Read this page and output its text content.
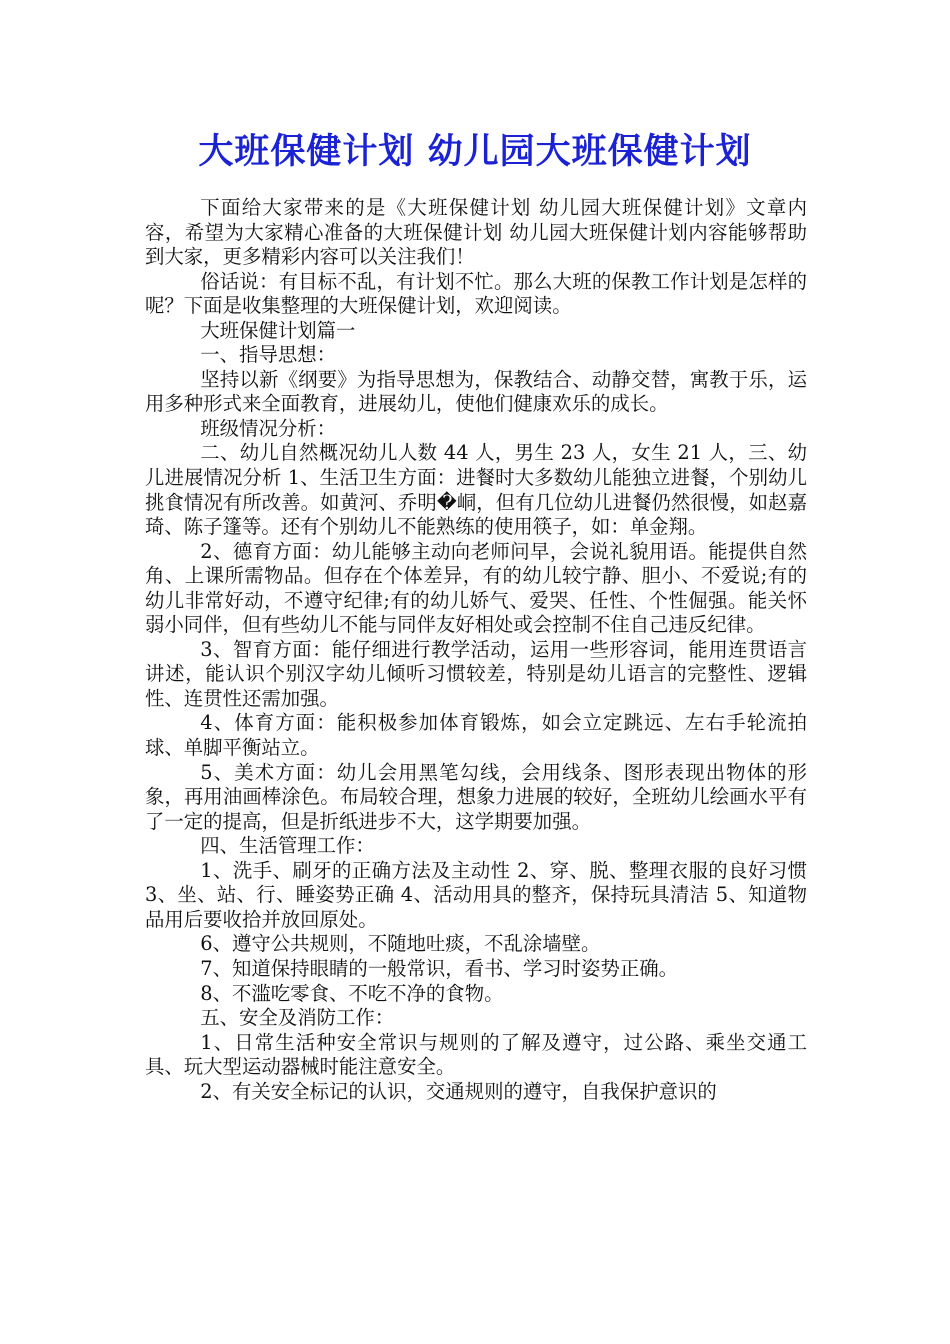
大班保健计划 幼儿园大班保健计划

下面给大家带来的是《大班保健计划 幼儿园大班保健计划》文章内容，希望为大家精心准备的大班保健计划 幼儿园大班保健计划内容能够帮助到大家，更多精彩内容可以关注我们！

俗话说：有目标不乱，有计划不忙。那么大班的保教工作计划是怎样的呢？下面是收集整理的大班保健计划，欢迎阅读。

大班保健计划篇一

一、指导思想：

坚持以新《纲要》为指导思想为，保教结合、动静交替，寓教于乐，运用多种形式来全面教育，进展幼儿，使他们健康欢乐的成长。

班级情况分析：

二、幼儿自然概况幼儿人数 44 人，男生 23 人，女生 21 人，三、幼儿进展情况分析 1、生活卫生方面：进餐时大多数幼儿能独立进餐，个别幼儿挑食情况有所改善。如黄河、乔明�峒，但有几位幼儿进餐仍然很慢，如赵嘉琦、陈子篷等。还有个别幼儿不能熟练的使用筷子，如：单金翔。

2、德育方面：幼儿能够主动向老师问早，会说礼貌用语。能提供自然角、上课所需物品。但存在个体差异，有的幼儿较宁静、胆小、不爱说;有的幼儿非常好动，不遵守纪律;有的幼儿娇气、爱哭、任性、个性倔强。能关怀弱小同伴，但有些幼儿不能与同伴友好相处或会控制不住自己违反纪律。

3、智育方面：能仔细进行教学活动，运用一些形容词，能用连贯语言讲述，能认识个别汉字幼儿倾听习惯较差，特别是幼儿语言的完整性、逻辑性、连贯性还需加强。

4、体育方面：能积极参加体育锻炼，如会立定跳远、左右手轮流拍球、单脚平衡站立。

5、美术方面：幼儿会用黑笔勾线，会用线条、图形表现出物体的形象，再用油画棒涂色。布局较合理，想象力进展的较好，全班幼儿绘画水平有了一定的提高，但是折纸进步不大，这学期要加强。

四、生活管理工作：

1、洗手、刷牙的正确方法及主动性 2、穿、脱、整理衣服的良好习惯 3、坐、站、行、睡姿势正确 4、活动用具的整齐，保持玩具清洁 5、知道物品用后要收拾并放回原处。

6、遵守公共规则，不随地吐痰，不乱涂墙壁。

7、知道保持眼睛的一般常识，看书、学习时姿势正确。

8、不滥吃零食、不吃不净的食物。

五、安全及消防工作：

1、日常生活种安全常识与规则的了解及遵守，过公路、乘坐交通工具、玩大型运动器械时能注意安全。

2、有关安全标记的认识，交通规则的遵守，自我保护意识的
